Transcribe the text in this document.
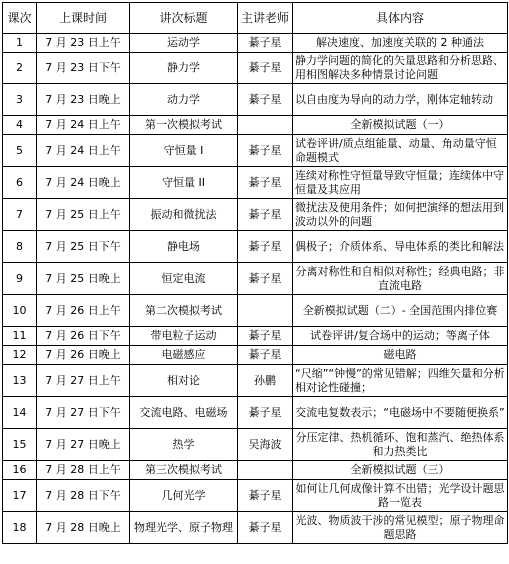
课次	上课时间	讲次标题	主讲老师	具体内容
1	7 月 23 日上午	运动学	綦子星	解决速度、加速度关联的 2 种通法
2	7 月 23 日下午	静力学	綦子星	静力学问题的简化的矢量思路和分析思路、用相图解决多种情景讨论问题
3	7 月 23 日晚上	动力学	綦子星	以自由度为导向的动力学，刚体定轴转动
4	7 月 24 日上午	第一次模拟考试		全新模拟试题（一）
5	7 月 24 日上午	守恒量 I	綦子星	试卷评讲/质点组能量、动量、角动量守恒命题模式
6	7 月 24 日晚上	守恒量 II	綦子星	连续对称性守恒量导致守恒量；连续体中守恒量及其应用
7	7 月 25 日上午	振动和微扰法	綦子星	微扰法及使用条件；如何把演绎的想法用到波动以外的问题
8	7 月 25 日下午	静电场	綦子星	偶极子；介质体系、导电体系的类比和解法
9	7 月 25 日晚上	恒定电流	綦子星	分离对称性和自相似对称性；经典电路；非直流电路
10	7 月 26 日上午	第二次模拟考试		全新模拟试题（二）- 全国范围内排位赛
11	7 月 26 日下午	带电粒子运动	綦子星	试卷评讲/复合场中的运动；等离子体
12	7 月 26 日晚上	电磁感应	綦子星	磁电路
13	7 月 27 日上午	相对论	孙鹏	“尺缩”“钟慢”的常见错解；四维矢量和分析相对论性碰撞；
14	7 月 27 日下午	交流电路、电磁场	綦子星	交流电复数表示；“电磁场中不要随便换系”
15	7 月 27 日晚上	热学	吴海波	分压定律、热机循环、饱和蒸汽、绝热体系和力热类比
16	7 月 28 日上午	第三次模拟考试		全新模拟试题（三）
17	7 月 28 日下午	几何光学	綦子星	如何让几何成像计算不出错；光学设计题思路一览表
18	7 月 28 日晚上	物理光学、原子物理	綦子星	光波、物质波干涉的常见模型；原子物理命题思路
